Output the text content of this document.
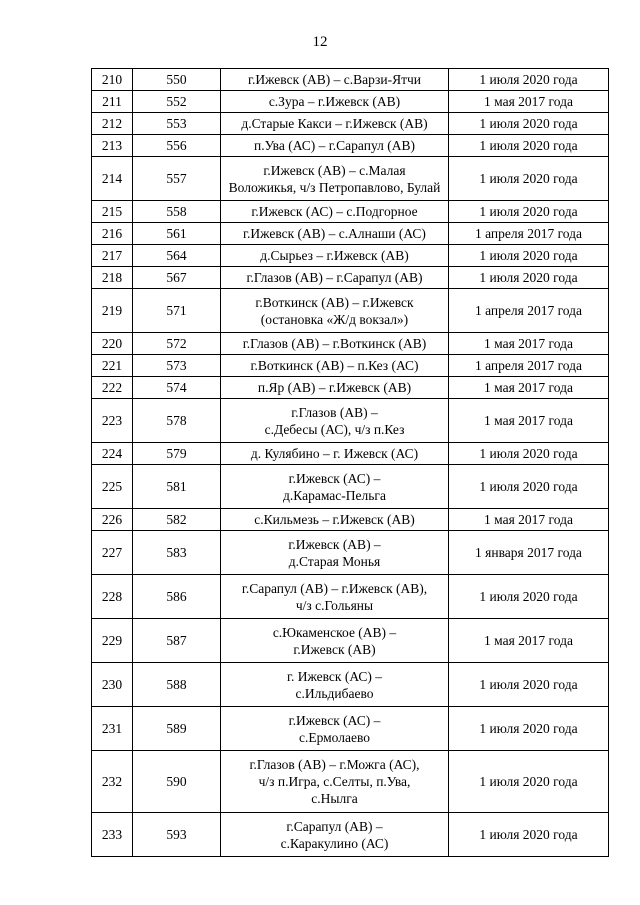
12
210	550	г.Ижевск (АВ) – с.Варзи-Ятчи	1 июля 2020 года
211	552	с.Зура – г.Ижевск (АВ)	1 мая 2017 года
212	553	д.Старые Какси – г.Ижевск (АВ)	1 июля 2020 года
213	556	п.Ува (АС) – г.Сарапул (АВ)	1 июля 2020 года
214	557	г.Ижевск (АВ) – с.Малая
Воложикья, ч/з Петропавлово, Булай	1 июля 2020 года
215	558	г.Ижевск (АС) – с.Подгорное	1 июля 2020 года
216	561	г.Ижевск (АВ) – с.Алнаши (АС)	1 апреля 2017 года
217	564	д.Сырьез – г.Ижевск (АВ)	1 июля 2020 года
218	567	г.Глазов (АВ) – г.Сарапул (АВ)	1 июля 2020 года
219	571	г.Воткинск (АВ) – г.Ижевск
(остановка «Ж/д вокзал»)	1 апреля 2017 года
220	572	г.Глазов (АВ) – г.Воткинск (АВ)	1 мая 2017 года
221	573	г.Воткинск (АВ) – п.Кез (АС)	1 апреля 2017 года
222	574	п.Яр (АВ) – г.Ижевск (АВ)	1 мая 2017 года
223	578	г.Глазов (АВ) –
с.Дебесы (АС), ч/з п.Кез	1 мая 2017 года
224	579	д. Кулябино – г. Ижевск (АС)	1 июля 2020 года
225	581	г.Ижевск (АС) –
д.Карамас-Пельга	1 июля 2020 года
226	582	с.Кильмезь – г.Ижевск (АВ)	1 мая 2017 года
227	583	г.Ижевск (АВ) –
д.Старая Монья	1 января 2017 года
228	586	г.Сарапул (АВ) – г.Ижевск (АВ),
ч/з с.Гольяны	1 июля 2020 года
229	587	с.Юкаменское (АВ) –
г.Ижевск (АВ)	1 мая 2017 года
230	588	г. Ижевск (АС) –
с.Ильдибаево	1 июля 2020 года
231	589	г.Ижевск (АС) –
с.Ермолаево	1 июля 2020 года
232	590	г.Глазов (АВ) – г.Можга (АС),
ч/з п.Игра, с.Селты, п.Ува,
с.Нылга	1 июля 2020 года
233	593	г.Сарапул (АВ) –
с.Каракулино (АС)	1 июля 2020 года
